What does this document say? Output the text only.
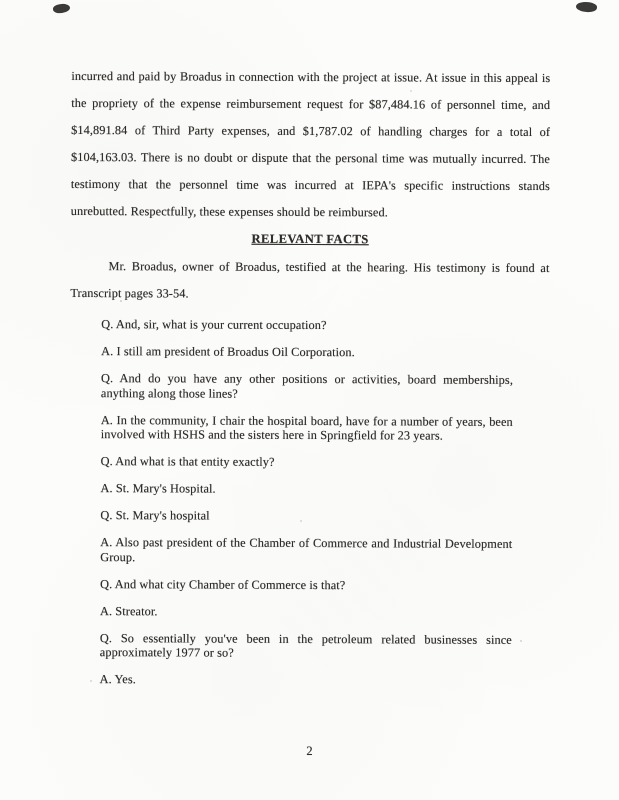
incurred and paid by Broadus in connection with the project at issue. At issue in this appeal is the propriety of the expense reimbursement request for $87,484.16 of personnel time, and $14,891.84 of Third Party expenses, and $1,787.02 of handling charges for a total of $104,163.03. There is no doubt or dispute that the personal time was mutually incurred. The testimony that the personnel time was incurred at IEPA's specific instructions stands unrebutted. Respectfully, these expenses should be reimbursed.

RELEVANT FACTS

Mr. Broadus, owner of Broadus, testified at the hearing. His testimony is found at Transcript pages 33-54.

Q. And, sir, what is your current occupation?

A. I still am president of Broadus Oil Corporation.

Q. And do you have any other positions or activities, board memberships, anything along those lines?

A. In the community, I chair the hospital board, have for a number of years, been involved with HSHS and the sisters here in Springfield for 23 years.

Q. And what is that entity exactly?

A. St. Mary's Hospital.

Q. St. Mary's hospital

A. Also past president of the Chamber of Commerce and Industrial Development Group.

Q. And what city Chamber of Commerce is that?

A. Streator.

Q. So essentially you've been in the petroleum related businesses since approximately 1977 or so?

A. Yes.

2
